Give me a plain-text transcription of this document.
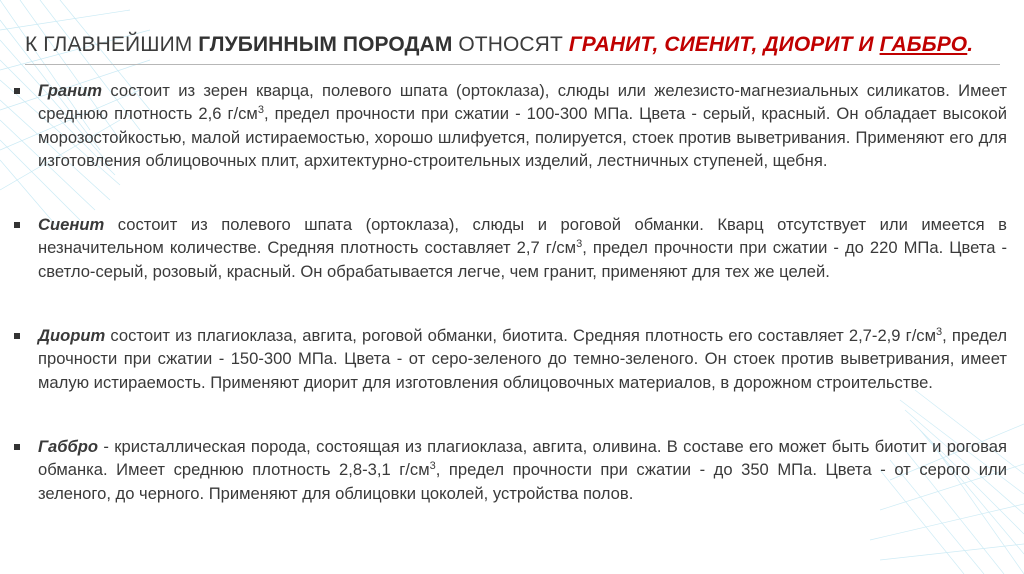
К ГЛАВНЕЙШИМ ГЛУБИННЫМ ПОРОДАМ ОТНОСЯТ ГРАНИТ, СИЕНИТ, ДИОРИТ И ГАББРО.
Гранит состоит из зерен кварца, полевого шпата (ортоклаза), слюды или железисто-магнезиальных силикатов. Имеет среднюю плотность 2,6 $г/см^3$, предел прочности при сжатии - 100-300 МПа. Цвета - серый, красный. Он обладает высокой морозостойкостью, малой истираемостью, хорошо шлифуется, полируется, стоек против выветривания. Применяют его для изготовления облицовочных плит, архитектурно-строительных изделий, лестничных ступеней, щебня.
Сиенит состоит из полевого шпата (ортоклаза), слюды и роговой обманки. Кварц отсутствует или имеется в незначительном количестве. Средняя плотность составляет 2,7 $г/см^3$, предел прочности при сжатии - до 220 МПа. Цвета - светло-серый, розовый, красный. Он обрабатывается легче, чем гранит, применяют для тех же целей.
Диорит состоит из плагиоклаза, авгита, роговой обманки, биотита. Средняя плотность его составляет 2,7-2,9 $г/см^3$, предел прочности при сжатии - 150-300 МПа. Цвета - от серо-зеленого до темно-зеленого. Он стоек против выветривания, имеет малую истираемость. Применяют диорит для изготовления облицовочных материалов, в дорожном строительстве.
Габбро - кристаллическая порода, состоящая из плагиоклаза, авгита, оливина. В составе его может быть биотит и роговая обманка. Имеет среднюю плотность 2,8-3,1 $г/см^3$, предел прочности при сжатии - до 350 МПа. Цвета - от серого или зеленого, до черного. Применяют для облицовки цоколей, устройства полов.
